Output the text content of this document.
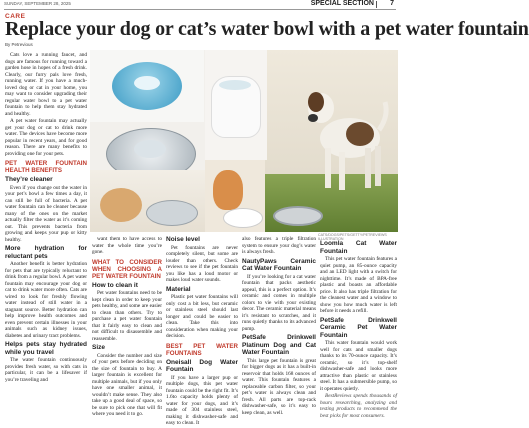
SUNDAY, SEPTEMBER 28, 2025	SPECIAL SECTION 7
CARE
Replace your dog or cat’s water bowl with a pet water fountain
By Petrevious
CATS/DOGS/PETS/GETTY/PETREVIEWS ILLUSTRATION

Cats love a running faucet, and dogs are famous for running toward a garden hose in hopes of a fresh drink. Clearly, our furry pals love fresh, running water. If you have a much-loved dog or cat in your home, you may want to consider upgrading their regular water bowl to a pet water fountain to help them stay hydrated and healthy.

A pet water fountain may actually get your dog or cat to drink more water. The devices have become more popular in recent years, and for good reason. There are many benefits to providing one for your pets.

PET WATER FOUNTAIN HEALTH BENEFITS
They’re cleaner

Even if you change out the water in your pet’s bowl a few times a day, it can still be full of bacteria. A pet water fountain can be cleaner because many of the ones on the market actually filter the water as it’s coming out. This prevents bacteria from growing and keeps your pup or kitty healthy.

More hydration for reluctant pets

Another benefit is better hydration for pets that are typically reluctant to drink from a regular bowl. A pet water fountain may encourage your dog or cat to drink water more often. Cats are wired to look for freshly flowing water instead of still water in a stagnant source. Better hydration can help improve health outcomes and even prevent certain illnesses in your animals such as kidney issues, diabetes and urinary tract problems.

Helps pets stay hydrated while you travel

The water fountain continuously provides fresh water, so with cats in particular, it can be a lifesaver if you’re traveling and

want them to have access to water the whole time you’re gone.

WHAT TO CONSIDER WHEN CHOOSING A PET WATER FOUNTAIN
How to clean it

Pet water fountains need to be kept clean in order to keep your pets healthy, and some are easier to clean than others. Try to purchase a pet water fountain that it fairly easy to clean and not difficult to disassemble and reassemble.

Size

Consider the number and size of your pets before deciding on the size of fountain to buy. A larger fountain is excellent for multiple animals, but if you only have one smaller animal, it wouldn’t make sense. They also take up a good deal of space, so be sure to pick one that will fit where you need it to go.

Noise level

Pet fountains are never completely silent, but some are louder than others. Check reviews to see if the pet fountain you like has a loud motor or makes loud water sounds.

Material

Plastic pet water fountains will only cost a bit less, but ceramic or stainless steel should last longer and could be easier to clean. Take this into consideration when making your decision.

BEST PET WATER FOUNTAINS
Oneisall Dog Water Fountain

If you have a larger pup or multiple dogs, this pet water fountain could be the right fit. It’s 1.6to capacity holds plenty of water for your dogs, and it’s made of 304 stainless steel, making it dishwasher-safe and easy to clean. It

also features a triple filtration system to ensure your dog’s water is always fresh.

NautyPaws Ceramic Cat Water Fountain

If you’re looking for a cat water fountain that packs aesthetic appeal, this is a perfect option. It’s ceramic and comes in multiple colors to vie with your existing decor. The ceramic material means it’s resistant to scratches, and it runs quietly thanks to its advanced pump.

PetSafe Drinkwell Platinum Dog and Cat Water Fountain

This large pet fountain is great for bigger dogs as it has a built-in reservoir that holds 168 ounces of water. This fountain features a replaceable carbon filter, so your pet’s water is always clean and fresh. All parts are top-rack dishwasher-safe, so it’s easy to keep clean, as well.

Loomla Cat Water Fountain

This pet water fountain features a quiet pump, an 85-ounce capacity and an LED light with a switch for nighttime. It’s made of BPA-free plastic and boasts an affordable price. It also has triple filtration for the cleanest water and a window to show you how much water is left before it needs a refill.

PetSafe Drinkwell Ceramic Pet Water Fountain

This water fountain would work well for cats and smaller dogs thanks to its 70-ounce capacity. It’s ceramic, so it’s top-shelf dishwasher-safe and looks more attractive than plastic or stainless steel. It has a submersible pump, so it operates quietly.

BestReviews spends thousands of hours researching, analyzing and testing products to recommend the best picks for most consumers.
